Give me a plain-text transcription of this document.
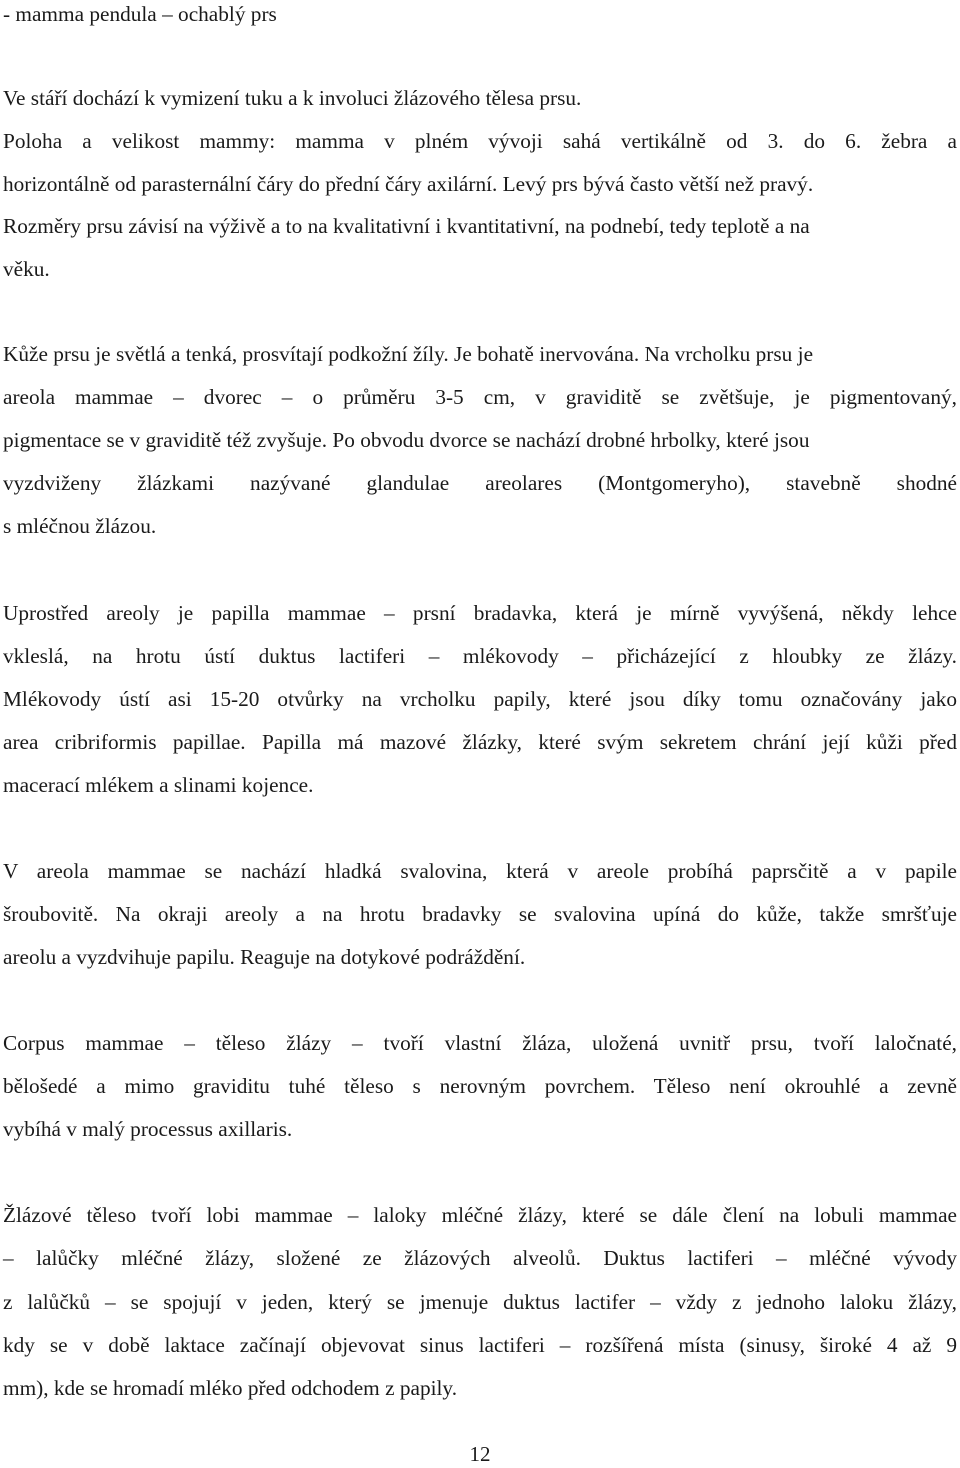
- mamma pendula – ochablý prs
Ve stáří dochází k vymizení tuku a k involuci žlázového tělesa prsu.
Poloha a velikost mammy: mamma v plném vývoji sahá vertikálně od 3. do 6. žebra a
horizontálně od parasternální čáry do přední čáry axilární. Levý prs bývá často větší než pravý.
Rozměry prsu závisí na výživě a to na kvalitativní i kvantitativní, na podnebí, tedy teplotě a na
věku.
Kůže prsu je světlá a tenká, prosvítají podkožní žíly. Je bohatě inervována. Na vrcholku prsu je
areola mammae – dvorec – o průměru 3-5 cm, v graviditě se zvětšuje, je pigmentovaný,
pigmentace se v graviditě též zvyšuje. Po obvodu dvorce se nachází drobné hrbolky, které jsou
vyzdviženy žlázkami nazývané glandulae areolares (Montgomeryho), stavebně shodné
s mléčnou žlázou.
Uprostřed areoly je papilla mammae – prsní bradavka, která je mírně vyvýšená, někdy lehce
vkleslá, na hrotu ústí duktus lactiferi – mlékovody – přicházející z hloubky ze žlázy.
Mlékovody ústí asi 15-20 otvůrky na vrcholku papily, které jsou díky tomu označovány jako
area cribriformis papillae. Papilla má mazové žlázky, které svým sekretem chrání její kůži před
macerací mlékem a slinami kojence.
V areola mammae se nachází hladká svalovina, která v areole probíhá paprsčitě a v papile
šroubovitě. Na okraji areoly a na hrotu bradavky se svalovina upíná do kůže, takže smršťuje
areolu a vyzdvihuje papilu. Reaguje na dotykové podráždění.
Corpus mammae – těleso žlázy – tvoří vlastní žláza, uložená uvnitř prsu, tvoří laločnaté,
bělošedé a mimo graviditu tuhé těleso s nerovným povrchem. Těleso není okrouhlé a zevně
vybíhá v malý processus axillaris.
Žlázové těleso tvoří lobi mammae – laloky mléčné žlázy, které se dále člení na lobuli mammae
– lalůčky mléčné žlázy, složené ze žlázových alveolů. Duktus lactiferi – mléčné vývody
z lalůčků – se spojují v jeden, který se jmenuje duktus lactifer – vždy z jednoho laloku žlázy,
kdy se v době laktace začínají objevovat sinus lactiferi – rozšířená místa (sinusy, široké 4 až 9
mm), kde se hromadí mléko před odchodem z papily.
12
